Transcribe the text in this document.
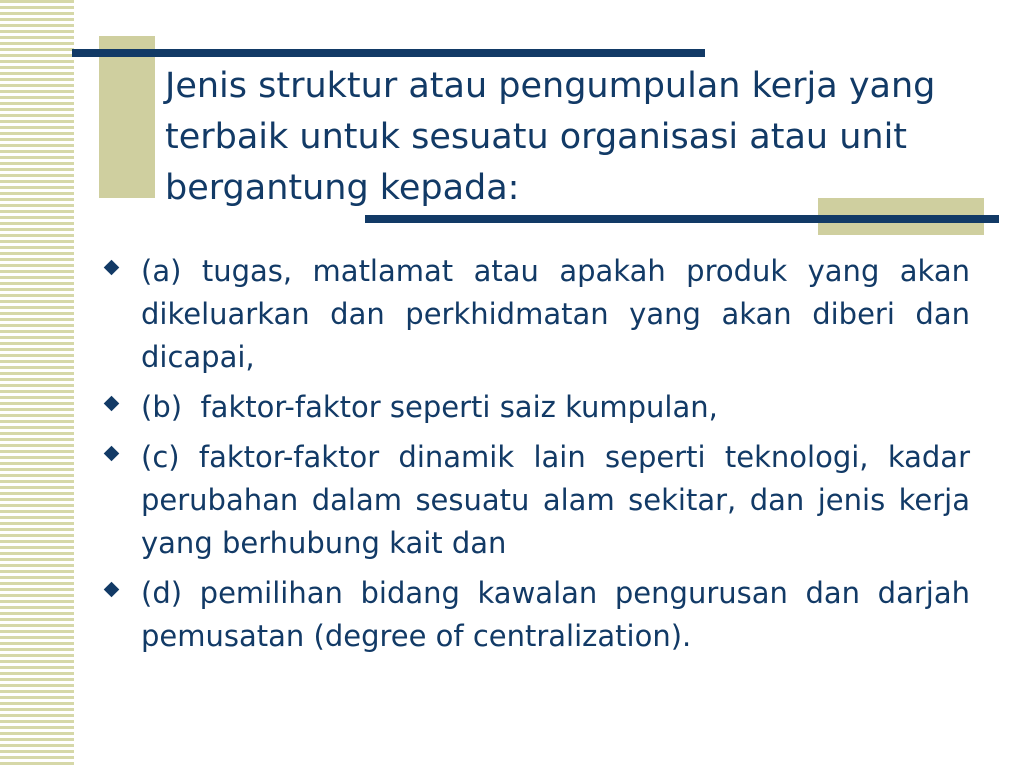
Jenis struktur atau pengumpulan kerja yang terbaik untuk sesuatu organisasi atau unit bergantung kepada:
(a) tugas, matlamat atau apakah produk yang akan dikeluarkan dan perkhidmatan yang akan diberi dan dicapai,
(b)  faktor-faktor seperti saiz kumpulan,
(c) faktor-faktor dinamik lain seperti teknologi, kadar perubahan dalam sesuatu alam sekitar, dan jenis kerja yang berhubung kait dan
(d) pemilihan bidang kawalan pengurusan dan darjah pemusatan (degree of centralization).
